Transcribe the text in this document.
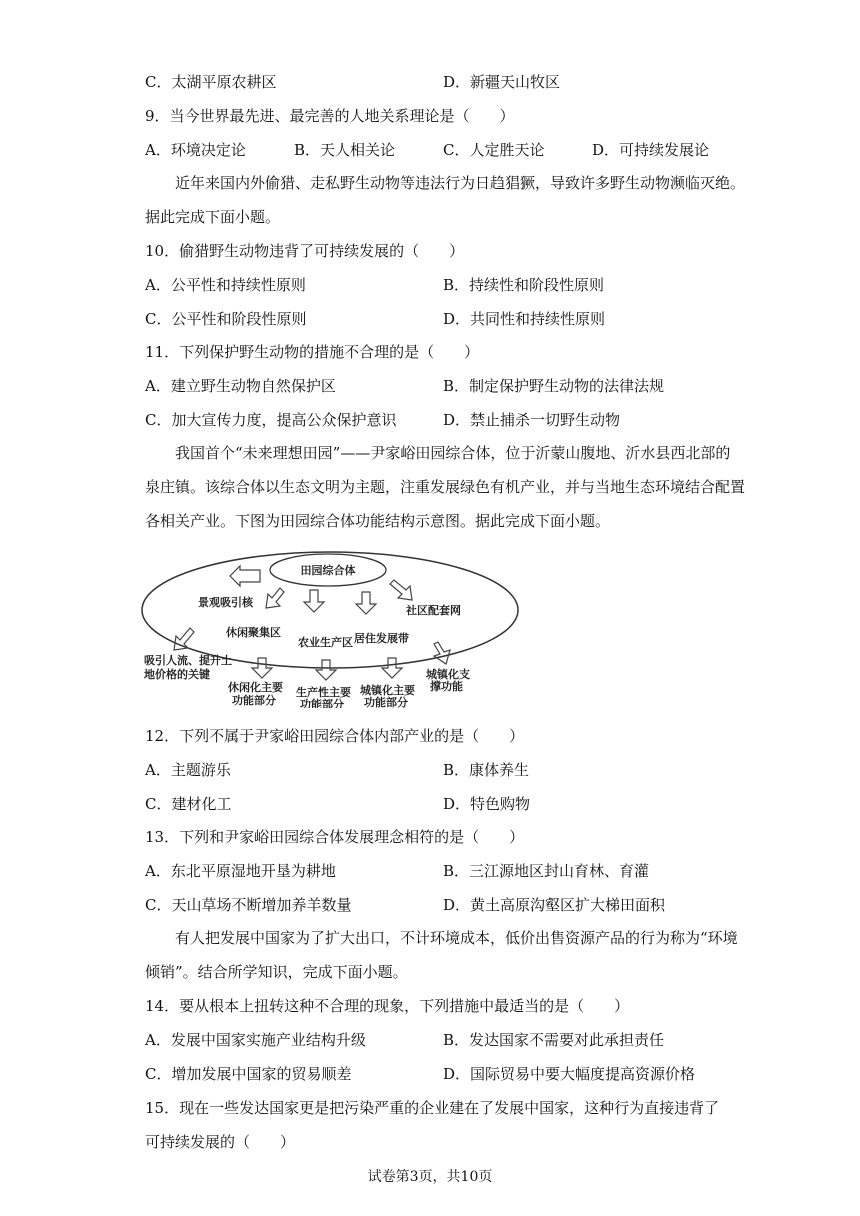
C．太湖平原农耕区	D．新疆天山牧区
9．当今世界最先进、最完善的人地关系理论是（　　）
A．环境决定论	B．天人相关论	C．人定胜天论	D．可持续发展论
近年来国内外偷猎、走私野生动物等违法行为日趋猖獗，导致许多野生动物濒临灭绝。据此完成下面小题。
10．偷猎野生动物违背了可持续发展的（　　）
A．公平性和持续性原则	B．持续性和阶段性原则
C．公平性和阶段性原则	D．共同性和持续性原则
11．下列保护野生动物的措施不合理的是（　　）
A．建立野生动物自然保护区	B．制定保护野生动物的法律法规
C．加大宣传力度，提高公众保护意识	D．禁止捕杀一切野生动物
我国首个“未来理想田园”——尹家峪田园综合体，位于沂蒙山腹地、沂水县西北部的泉庄镇。该综合体以生态文明为主题，注重发展绿色有机产业，并与当地生态环境结合配置各相关产业。下图为田园综合体功能结构示意图。据此完成下面小题。
田园综合体
景观吸引核
休闲聚集区
农业生产区 居住发展带
社区配套网
吸引人流、提升土
地价格的关键
休闲化主要
功能部分
生产性主要
功能部分
城镇化主要
功能部分
城镇化支
撑功能
12．下列不属于尹家峪田园综合体内部产业的是（　　）
A．主题游乐	B．康体养生
C．建材化工	D．特色购物
13．下列和尹家峪田园综合体发展理念相符的是（　　）
A．东北平原湿地开垦为耕地	B．三江源地区封山育林、育灌
C．天山草场不断增加养羊数量	D．黄土高原沟壑区扩大梯田面积
有人把发展中国家为了扩大出口，不计环境成本，低价出售资源产品的行为称为“环境倾销”。结合所学知识，完成下面小题。
14．要从根本上扭转这种不合理的现象，下列措施中最适当的是（　　）
A．发展中国家实施产业结构升级	B．发达国家不需要对此承担责任
C．增加发展中国家的贸易顺差	D．国际贸易中要大幅度提高资源价格
15．现在一些发达国家更是把污染严重的企业建在了发展中国家，这种行为直接违背了
可持续发展的（　　）
试卷第3页，共10页
